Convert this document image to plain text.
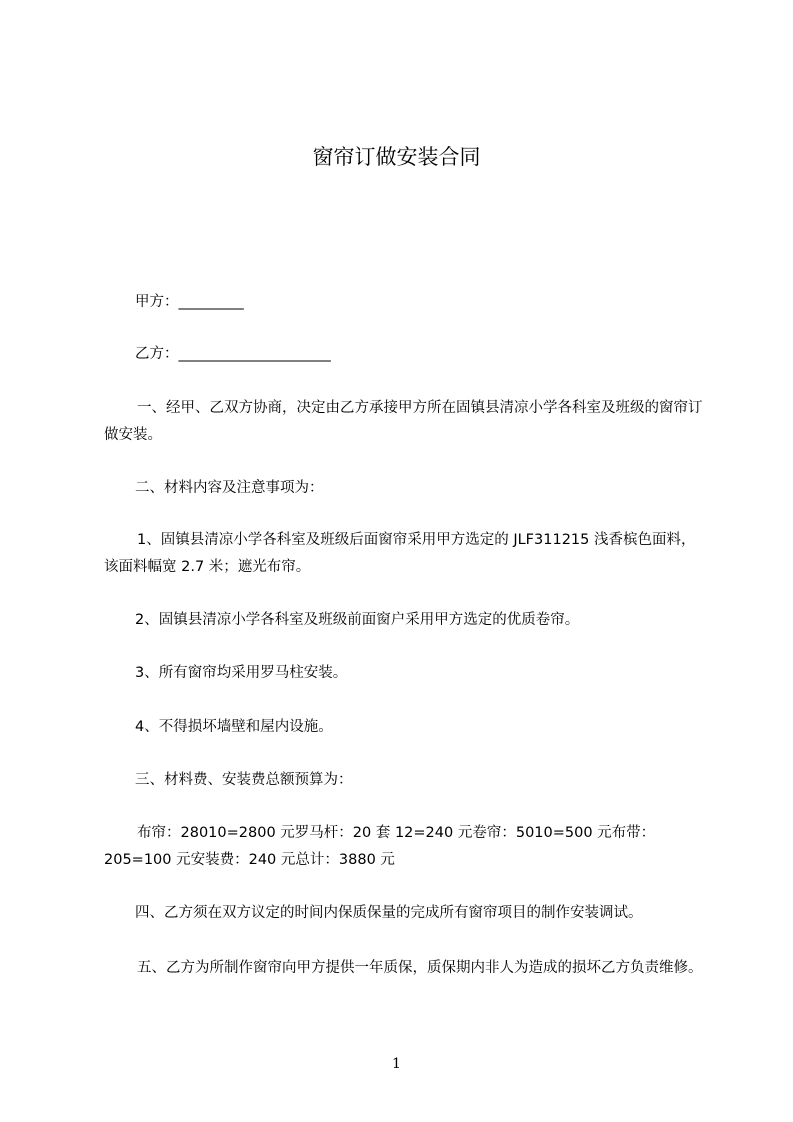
窗帘订做安装合同
甲方：_________
乙方：_____________________
一、经甲、乙双方协商，决定由乙方承接甲方所在固镇县清凉小学各科室及班级的窗帘订做安装。
二、材料内容及注意事项为：
1、固镇县清凉小学各科室及班级后面窗帘采用甲方选定的 JLF311215 浅香槟色面料，该面料幅宽 2.7 米；遮光布帘。
2、固镇县清凉小学各科室及班级前面窗户采用甲方选定的优质卷帘。
3、所有窗帘均采用罗马柱安装。
4、不得损坏墙壁和屋内设施。
三、材料费、安装费总额预算为：
布帘：28010=2800 元罗马杆：20 套 12=240 元卷帘：5010=500 元布带：205=100 元安装费：240 元总计：3880 元
四、乙方须在双方议定的时间内保质保量的完成所有窗帘项目的制作安装调试。
五、乙方为所制作窗帘向甲方提供一年质保，质保期内非人为造成的损坏乙方负责维修。
1
